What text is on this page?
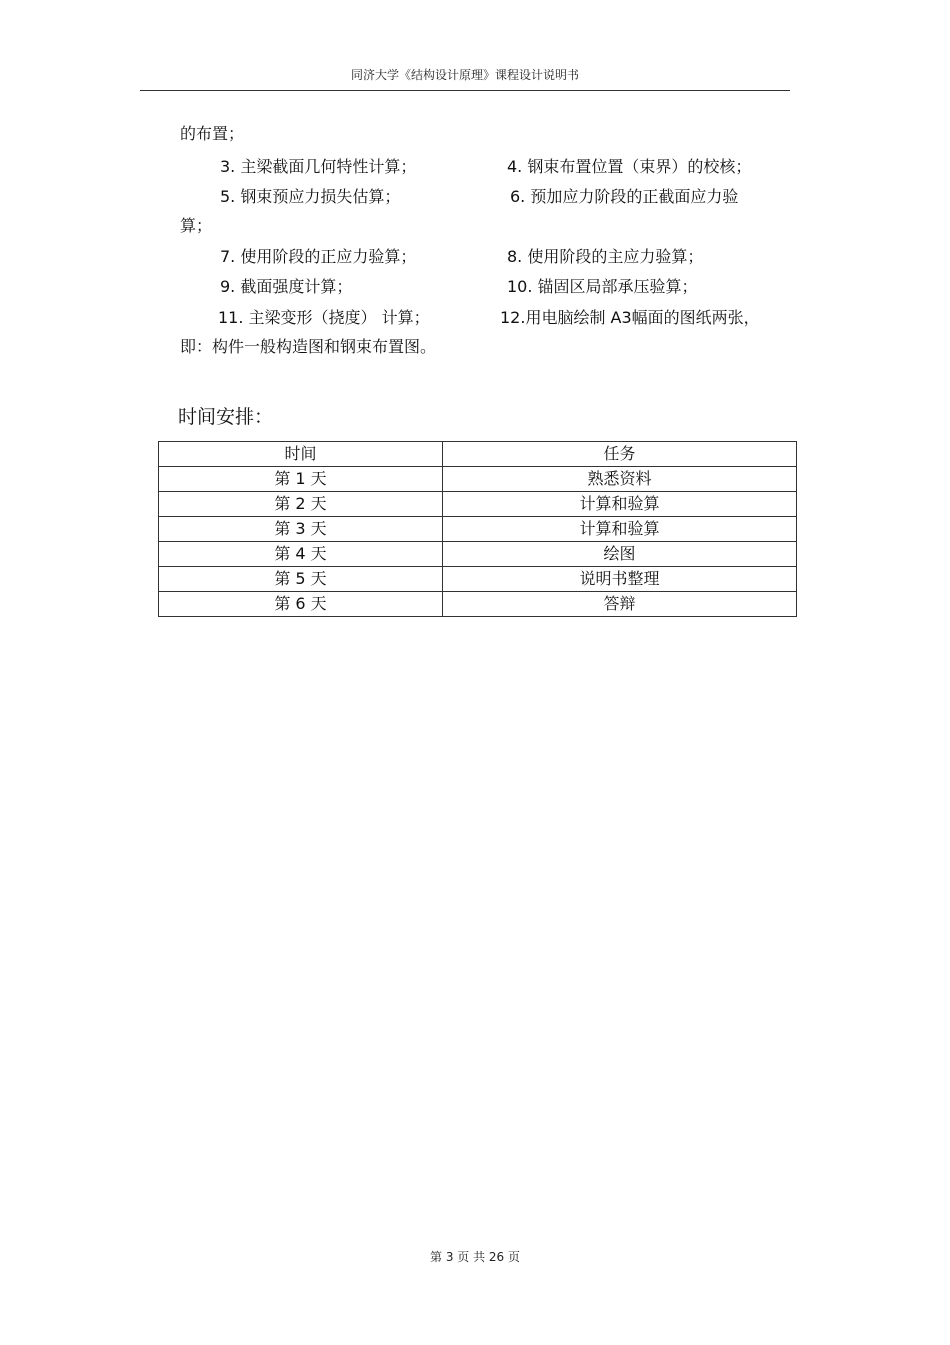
同济大学《结构设计原理》课程设计说明书
的布置；
3. 主梁截面几何特性计算；	4. 钢束布置位置（束界）的校核；
5. 钢束预应力损失估算；	6. 预加应力阶段的正截面应力验
算；
7. 使用阶段的正应力验算；	8. 使用阶段的主应力验算；
9. 截面强度计算；	10. 锚固区局部承压验算；
11. 主梁变形（挠度） 计算；	12.用电脑绘制 A3幅面的图纸两张，
即：构件一般构造图和钢束布置图。
时间安排：
时间	任务
第 1 天	熟悉资料
第 2 天	计算和验算
第 3 天	计算和验算
第 4 天	绘图
第 5 天	说明书整理
第 6 天	答辩
第 3 页 共 26 页
